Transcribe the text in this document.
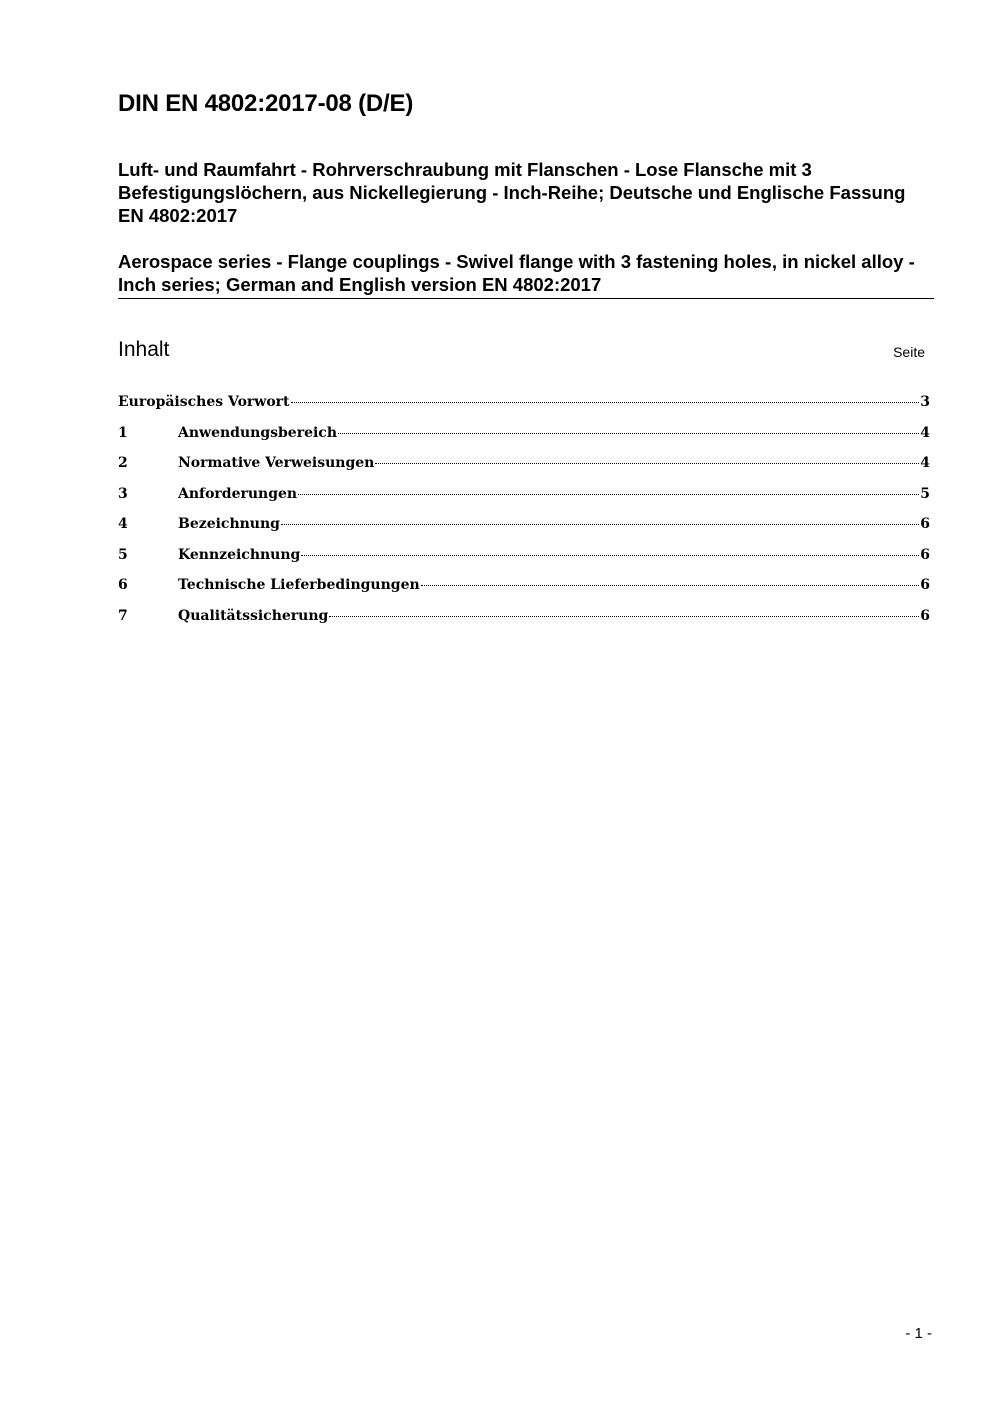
DIN EN 4802:2017-08 (D/E)

Luft- und Raumfahrt - Rohrverschraubung mit Flanschen - Lose Flansche mit 3 Befestigungslöchern, aus Nickellegierung - Inch-Reihe; Deutsche und Englische Fassung EN 4802:2017

Aerospace series - Flange couplings - Swivel flange with 3 fastening holes, in nickel alloy - Inch series; German and English version EN 4802:2017

Inhalt	Seite
Europäisches Vorwort	3
1	Anwendungsbereich	4
2	Normative Verweisungen	4
3	Anforderungen	5
4	Bezeichnung	6
5	Kennzeichnung	6
6	Technische Lieferbedingungen	6
7	Qualitätssicherung	6
- 1 -
